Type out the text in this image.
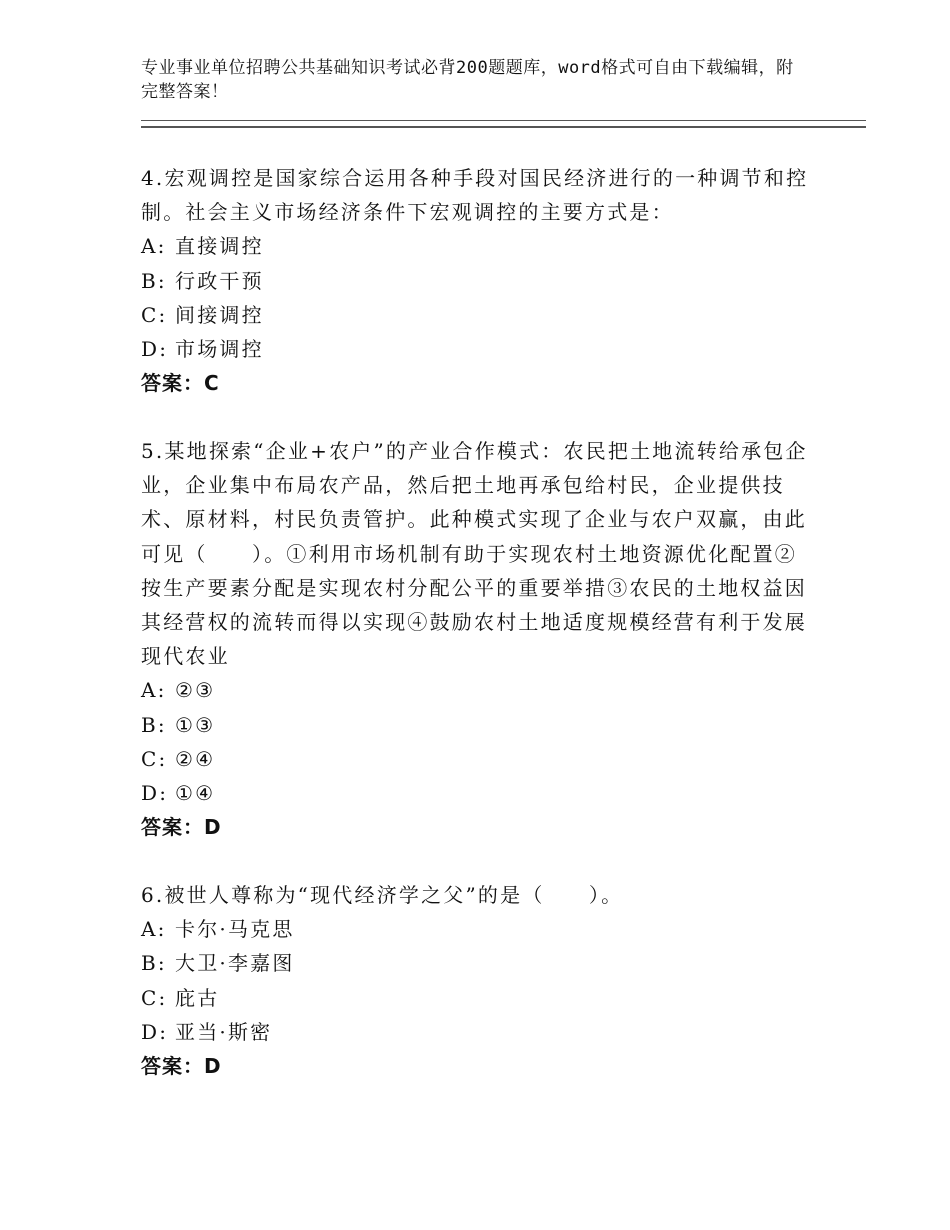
专业事业单位招聘公共基础知识考试必背200题题库，word格式可自由下载编辑，附完整答案！

4.宏观调控是国家综合运用各种手段对国民经济进行的一种调节和控制。社会主义市场经济条件下宏观调控的主要方式是：

A: 直接调控

B: 行政干预

C: 间接调控

D: 市场调控

答案：C

5.某地探索“企业+农户”的产业合作模式：农民把土地流转给承包企业，企业集中布局农产品，然后把土地再承包给村民，企业提供技术、原材料，村民负责管护。此种模式实现了企业与农户双赢，由此可见（　　）。①利用市场机制有助于实现农村土地资源优化配置②按生产要素分配是实现农村分配公平的重要举措③农民的土地权益因其经营权的流转而得以实现④鼓励农村土地适度规模经营有利于发展现代农业

A: ②③

B: ①③

C: ②④

D: ①④

答案：D

6.被世人尊称为“现代经济学之父”的是（　　）。

A: 卡尔·马克思

B: 大卫·李嘉图

C: 庇古

D: 亚当·斯密

答案：D
